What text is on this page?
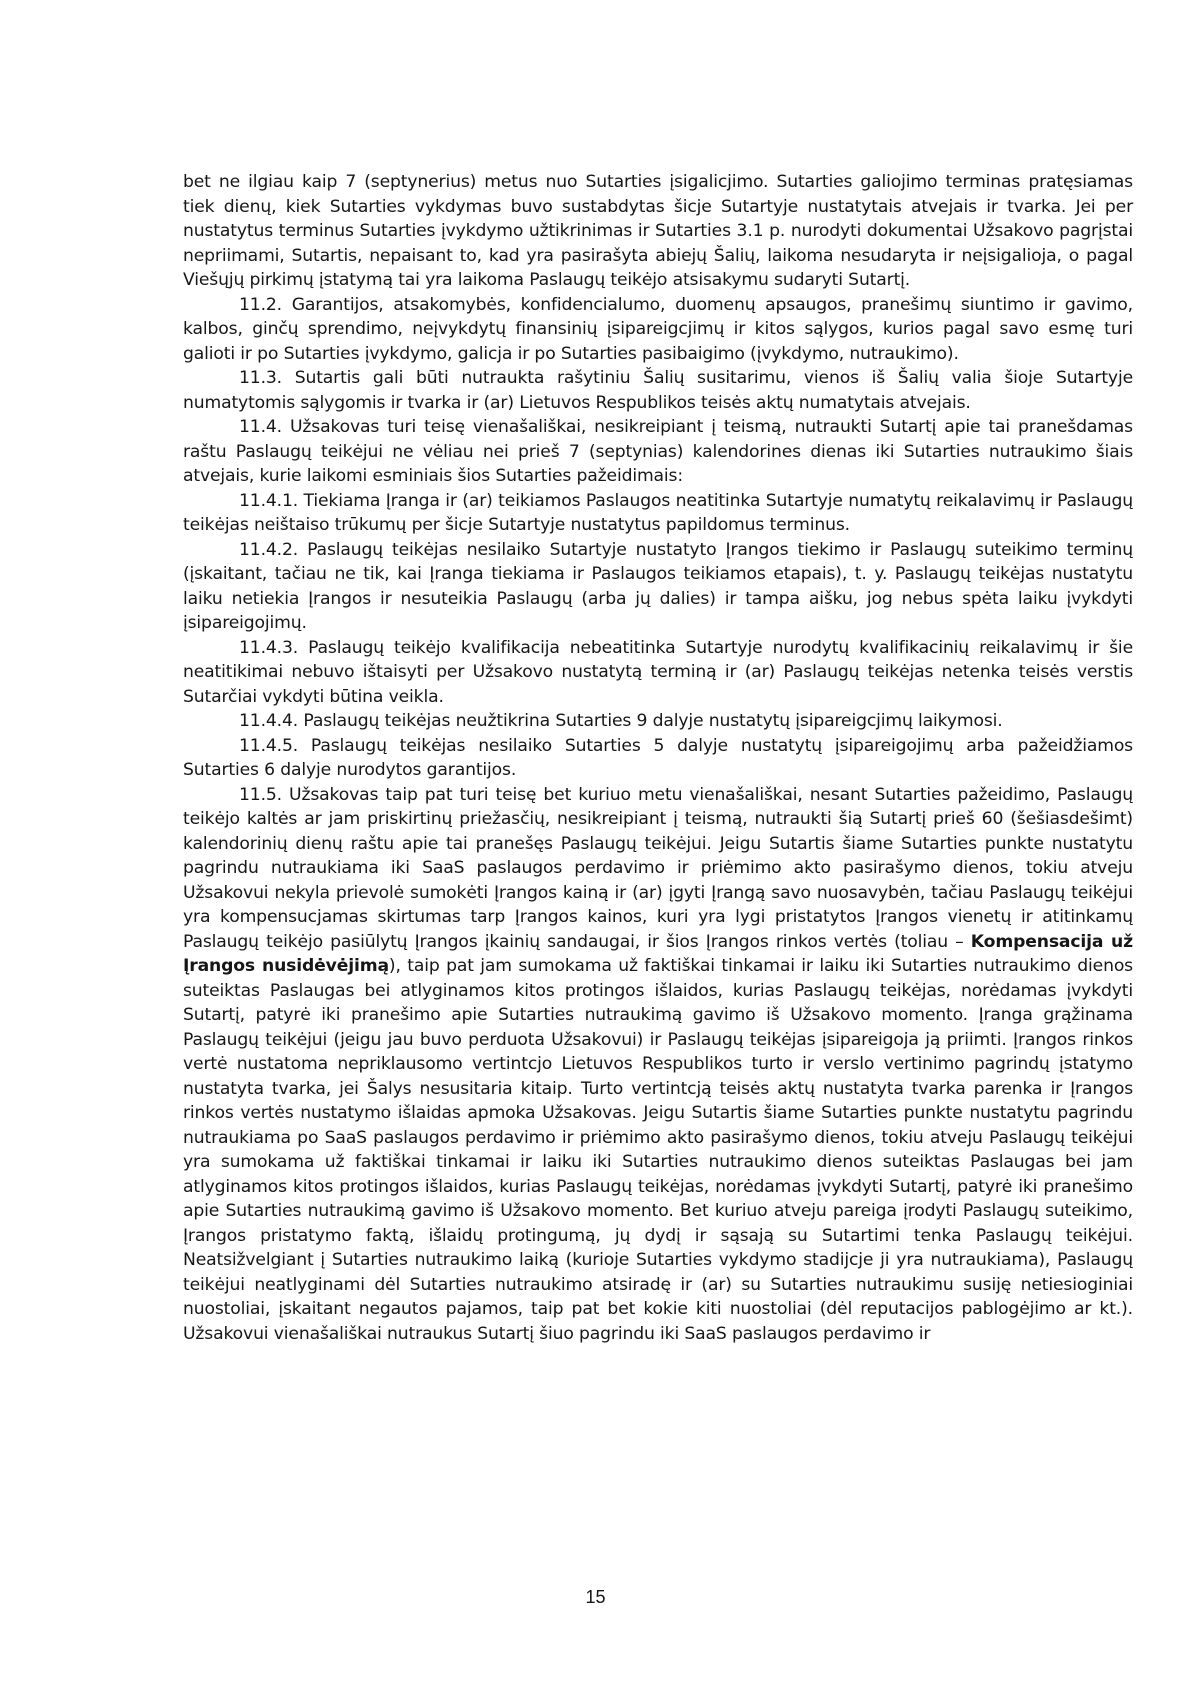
bet ne ilgiau kaip 7 (septynerius) metus nuo Sutarties įsigalicjimo. Sutarties galiojimo terminas pratęsiamas tiek dienų, kiek Sutarties vykdymas buvo sustabdytas šicje Sutartyje nustatytais atvejais ir tvarka. Jei per nustatytus terminus Sutarties įvykdymo užtikrinimas ir Sutarties 3.1 p. nurodyti dokumentai Užsakovo pagrįstai nepriimami, Sutartis, nepaisant to, kad yra pasirašyta abiejų Šalių, laikoma nesudaryta ir neįsigalioja, o pagal Viešųjų pirkimų įstatymą tai yra laikoma Paslaugų teikėjo atsisakymu sudaryti Sutartį.

11.2. Garantijos, atsakomybės, konfidencialumo, duomenų apsaugos, pranešimų siuntimo ir gavimo, kalbos, ginčų sprendimo, neįvykdytų finansinių įsipareigcjimų ir kitos sąlygos, kurios pagal savo esmę turi galioti ir po Sutarties įvykdymo, galicja ir po Sutarties pasibaigimo (įvykdymo, nutraukimo).

11.3. Sutartis gali būti nutraukta rašytiniu Šalių susitarimu, vienos iš Šalių valia šioje Sutartyje numatytomis sąlygomis ir tvarka ir (ar) Lietuvos Respublikos teisės aktų numatytais atvejais.

11.4. Užsakovas turi teisę vienašališkai, nesikreipiant į teismą, nutraukti Sutartį apie tai pranešdamas raštu Paslaugų teikėjui ne vėliau nei prieš 7 (septynias) kalendorines dienas iki Sutarties nutraukimo šiais atvejais, kurie laikomi esminiais šios Sutarties pažeidimais:

11.4.1. Tiekiama Įranga ir (ar) teikiamos Paslaugos neatitinka Sutartyje numatytų reikalavimų ir Paslaugų teikėjas neištaiso trūkumų per šicje Sutartyje nustatytus papildomus terminus.

11.4.2. Paslaugų teikėjas nesilaiko Sutartyje nustatyto Įrangos tiekimo ir Paslaugų suteikimo terminų (įskaitant, tačiau ne tik, kai Įranga tiekiama ir Paslaugos teikiamos etapais), t. y. Paslaugų teikėjas nustatytu laiku netiekia Įrangos ir nesuteikia Paslaugų (arba jų dalies) ir tampa aišku, jog nebus spėta laiku įvykdyti įsipareigojimų.

11.4.3. Paslaugų teikėjo kvalifikacija nebeatitinka Sutartyje nurodytų kvalifikacinių reikalavimų ir šie neatitikimai nebuvo ištaisyti per Užsakovo nustatytą terminą ir (ar) Paslaugų teikėjas netenka teisės verstis Sutarčiai vykdyti būtina veikla.

11.4.4. Paslaugų teikėjas neužtikrina Sutarties 9 dalyje nustatytų įsipareigcjimų laikymosi.

11.4.5. Paslaugų teikėjas nesilaiko Sutarties 5 dalyje nustatytų įsipareigojimų arba pažeidžiamos Sutarties 6 dalyje nurodytos garantijos.

11.5. Užsakovas taip pat turi teisę bet kuriuo metu vienašališkai, nesant Sutarties pažeidimo, Paslaugų teikėjo kaltės ar jam priskirtinų priežasčių, nesikreipiant į teismą, nutraukti šią Sutartį prieš 60 (šešiasdešimt) kalendorinių dienų raštu apie tai pranešęs Paslaugų teikėjui. Jeigu Sutartis šiame Sutarties punkte nustatytu pagrindu nutraukiama iki SaaS paslaugos perdavimo ir priėmimo akto pasirašymo dienos, tokiu atveju Užsakovui nekyla prievolė sumokėti Įrangos kainą ir (ar) įgyti Įrangą savo nuosavybėn, tačiau Paslaugų teikėjui yra kompensucjamas skirtumas tarp Įrangos kainos, kuri yra lygi pristatytos Įrangos vienetų ir atitinkamų Paslaugų teikėjo pasiūlytų Įrangos įkainių sandaugai, ir šios Įrangos rinkos vertės (toliau – Kompensacija už Įrangos nusidėvėjimą), taip pat jam sumokama už faktiškai tinkamai ir laiku iki Sutarties nutraukimo dienos suteiktas Paslaugas bei atlyginamos kitos protingos išlaidos, kurias Paslaugų teikėjas, norėdamas įvykdyti Sutartį, patyrė iki pranešimo apie Sutarties nutraukimą gavimo iš Užsakovo momento. Įranga grąžinama Paslaugų teikėjui (jeigu jau buvo perduota Užsakovui) ir Paslaugų teikėjas įsipareigoja ją priimti. Įrangos rinkos vertė nustatoma nepriklausomo vertintcjo Lietuvos Respublikos turto ir verslo vertinimo pagrindų įstatymo nustatyta tvarka, jei Šalys nesusitaria kitaip. Turto vertintcją teisės aktų nustatyta tvarka parenka ir Įrangos rinkos vertės nustatymo išlaidas apmoka Užsakovas. Jeigu Sutartis šiame Sutarties punkte nustatytu pagrindu nutraukiama po SaaS paslaugos perdavimo ir priėmimo akto pasirašymo dienos, tokiu atveju Paslaugų teikėjui yra sumokama už faktiškai tinkamai ir laiku iki Sutarties nutraukimo dienos suteiktas Paslaugas bei jam atlyginamos kitos protingos išlaidos, kurias Paslaugų teikėjas, norėdamas įvykdyti Sutartį, patyrė iki pranešimo apie Sutarties nutraukimą gavimo iš Užsakovo momento. Bet kuriuo atveju pareiga įrodyti Paslaugų suteikimo, Įrangos pristatymo faktą, išlaidų protingumą, jų dydį ir sąsają su Sutartimi tenka Paslaugų teikėjui. Neatsižvelgiant į Sutarties nutraukimo laiką (kurioje Sutarties vykdymo stadijcje ji yra nutraukiama), Paslaugų teikėjui neatlyginami dėl Sutarties nutraukimo atsiradę ir (ar) su Sutarties nutraukimu susiję netiesioginiai nuostoliai, įskaitant negautos pajamos, taip pat bet kokie kiti nuostoliai (dėl reputacijos pablogėjimo ar kt.). Užsakovui vienašališkai nutraukus Sutartį šiuo pagrindu iki SaaS paslaugos perdavimo ir

15
